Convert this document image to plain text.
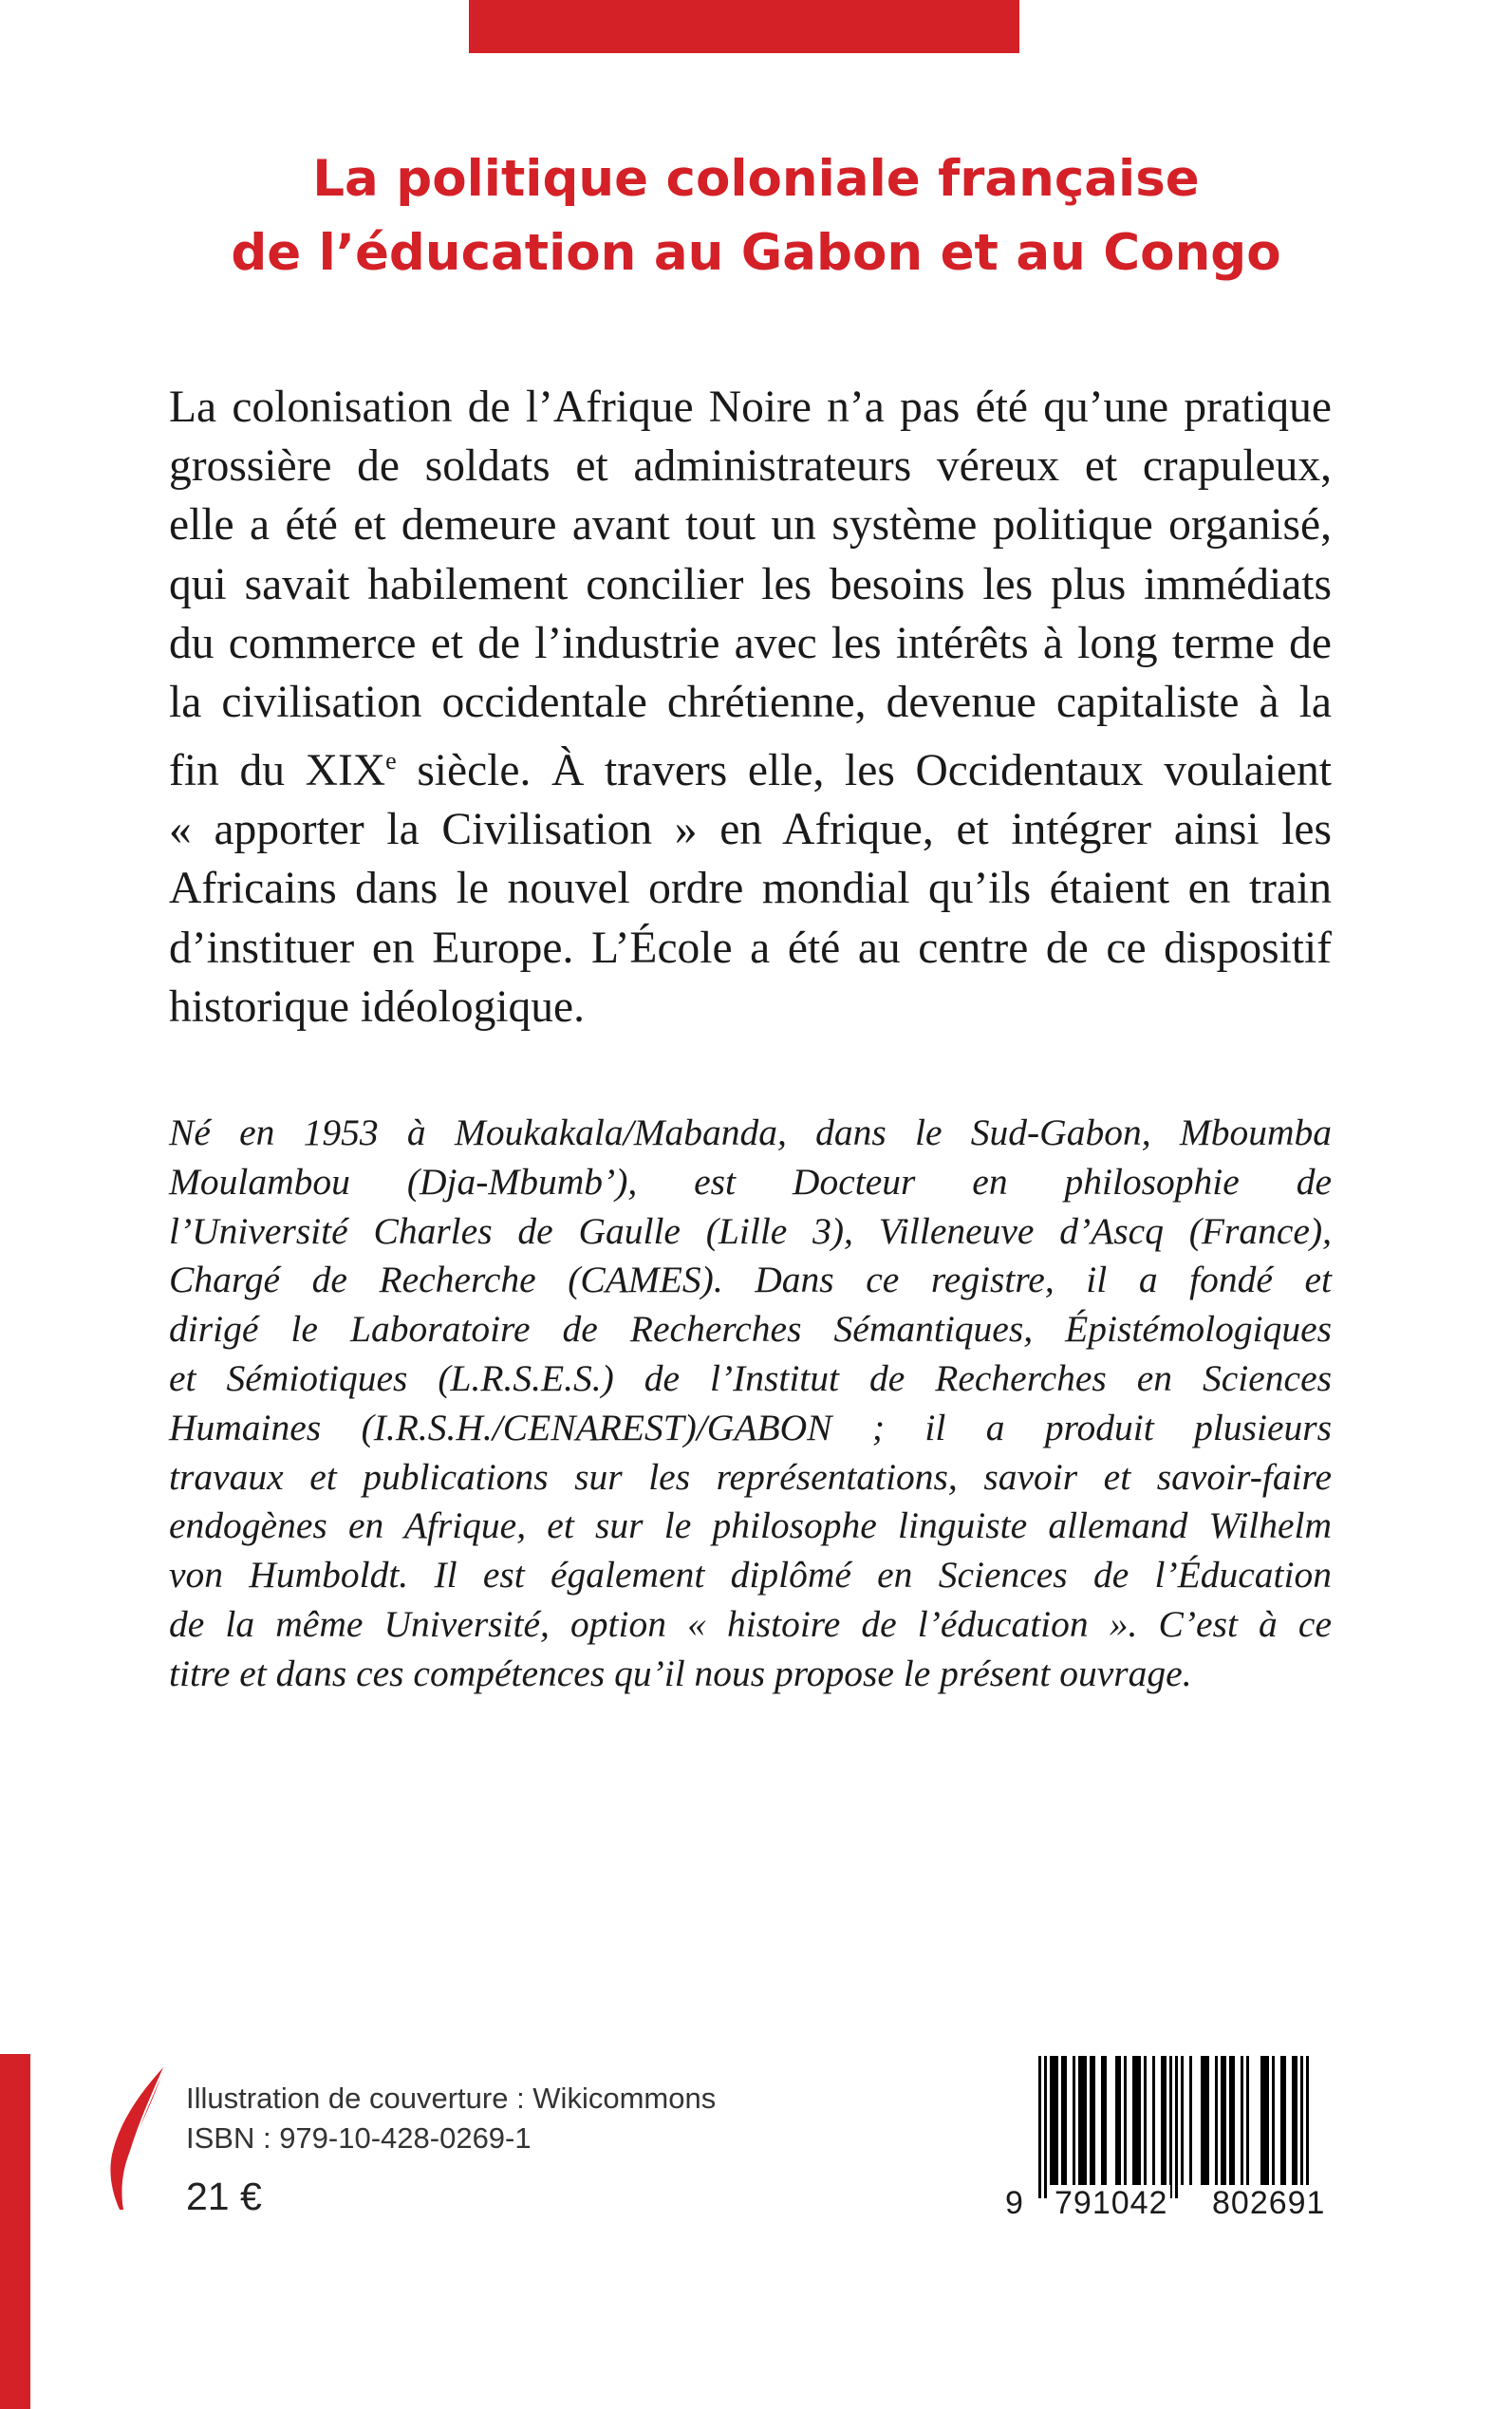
La politique coloniale française
de l’éducation au Gabon et au Congo
La colonisation de l’Afrique Noire n’a pas été qu’une pratique
grossière de soldats et administrateurs véreux et crapuleux,
elle a été et demeure avant tout un système politique organisé,
qui savait habilement concilier les besoins les plus immédiats
du commerce et de l’industrie avec les intérêts à long terme de
la civilisation occidentale chrétienne, devenue capitaliste à la
fin du XIXe siècle. À travers elle, les Occidentaux voulaient
« apporter la Civilisation » en Afrique, et intégrer ainsi les
Africains dans le nouvel ordre mondial qu’ils étaient en train
d’instituer en Europe. L’École a été au centre de ce dispositif
historique idéologique.
Né en 1953 à Moukakala/Mabanda, dans le Sud-Gabon, Mboumba
Moulambou (Dja-Mbumb’), est Docteur en philosophie de
l’Université Charles de Gaulle (Lille 3), Villeneuve d’Ascq (France),
Chargé de Recherche (CAMES). Dans ce registre, il a fondé et
dirigé le Laboratoire de Recherches Sémantiques, Épistémologiques
et Sémiotiques (L.R.S.E.S.) de l’Institut de Recherches en Sciences
Humaines (I.R.S.H./CENAREST)/GABON ; il a produit plusieurs
travaux et publications sur les représentations, savoir et savoir-faire
endogènes en Afrique, et sur le philosophe linguiste allemand Wilhelm
von Humboldt. Il est également diplômé en Sciences de l’Éducation
de la même Université, option « histoire de l’éducation ». C’est à ce
titre et dans ces compétences qu’il nous propose le présent ouvrage.
Illustration de couverture : Wikicommons
ISBN : 979-10-428-0269-1
21 €	9 791042 802691
